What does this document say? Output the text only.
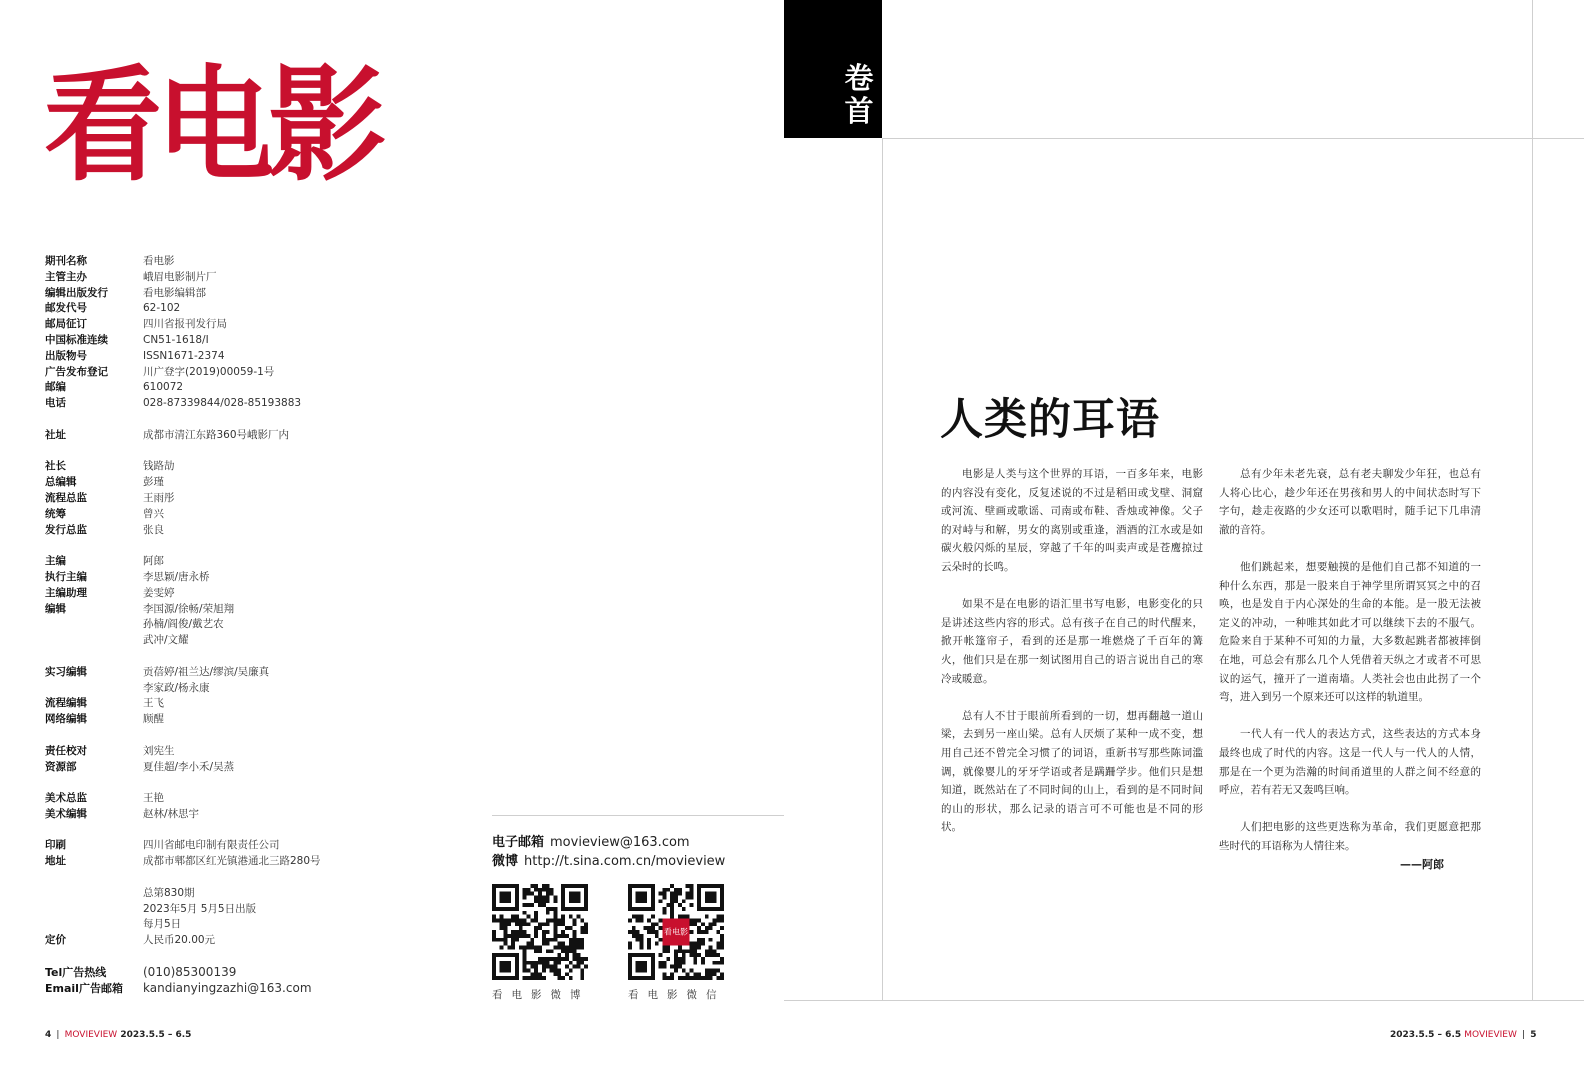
看电影
期刊名称	看电影
主管主办	峨眉电影制片厂
编辑出版发行	看电影编辑部
邮发代号	62-102
邮局征订	四川省报刊发行局
中国标准连续	CN51-1618/I
出版物号	ISSN1671-2374
广告发布登记	川广登字(2019)00059-1号
邮编	610072
电话	028-87339844/028-85193883
社址	成都市清江东路360号峨影厂内
社长	钱路劼
总编辑	彭瑾
流程总监	王雨彤
统筹	曾兴
发行总监	张良
主编	阿郎
执行主编	李思颖/唐永桥
主编助理	姜雯婷
编辑	李国源/徐畅/荣旭翔
孙楠/阎俊/戴艺农
武冲/文耀
实习编辑	贡蓓婷/祖兰达/缪滨/吴廉真
李家政/杨永康
流程编辑	王飞
网络编辑	顾醒
责任校对	刘宪生
资源部	夏佳超/李小禾/吴蒸
美术总监	王艳
美术编辑	赵林/林思宇
印刷	四川省邮电印制有限责任公司
地址	成都市郫都区红光镇港通北三路280号
总第830期
2023年5月 5月5日出版
每月5日
定价	人民币20.00元
Tel广告热线	(010)85300139
Email广告邮箱	kandianyingzazhi@163.com
电子邮箱 movieview@163.com
微博 http://t.sina.com.cn/movieview
看电影
看电影微博	看电影微信
4 | MOVIEVIEW 2023.5.5 – 6.5
卷首
人类的耳语

电影是人类与这个世界的耳语，一百多年来，电影的内容没有变化，反复述说的不过是稻田或戈壁、洞窟或河流、壁画或歌谣、司南或布鞋、香烛或神像。父子的对峙与和解，男女的离别或重逢，酒酒的江水或是如碳火般闪烁的星辰，穿越了千年的叫卖声或是苍鹰掠过云朵时的长鸣。

如果不是在电影的语汇里书写电影，电影变化的只是讲述这些内容的形式。总有孩子在自己的时代醒来，掀开帐篷帘子，看到的还是那一堆燃烧了千百年的篝火，他们只是在那一刻试图用自己的语言说出自己的寒冷或暖意。

总有人不甘于眼前所看到的一切，想再翻越一道山梁，去到另一座山梁。总有人厌烦了某种一成不变，想用自己还不曾完全习惯了的词语，重新书写那些陈词滥调，就像婴儿的牙牙学语或者是蹒跚学步。他们只是想知道，既然站在了不同时间的山上，看到的是不同时间的山的形状，那么记录的语言可不可能也是不同的形状。

总有少年未老先衰，总有老夫聊发少年狂，也总有人将心比心，趁少年还在男孩和男人的中间状态时写下字句，趁走夜路的少女还可以歌唱时，随手记下几串清澈的音符。

他们跳起来，想要触摸的是他们自己都不知道的一种什么东西，那是一股来自于神学里所谓冥冥之中的召唤，也是发自于内心深处的生命的本能。是一股无法被定义的冲动，一种唯其如此才可以继续下去的不服气。危险来自于某种不可知的力量，大多数起跳者都被摔倒在地，可总会有那么几个人凭借着天纵之才或者不可思议的运气，撞开了一道南墙。人类社会也由此拐了一个弯，进入到另一个原来还可以这样的轨道里。

一代人有一代人的表达方式，这些表达的方式本身最终也成了时代的内容。这是一代人与一代人的人情，那是在一个更为浩瀚的时间甬道里的人群之间不经意的呼应，若有若无又轰鸣巨响。

人们把电影的这些更迭称为革命，我们更愿意把那些时代的耳语称为人情往来。

——阿郎
2023.5.5 – 6.5 MOVIEVIEW | 5
